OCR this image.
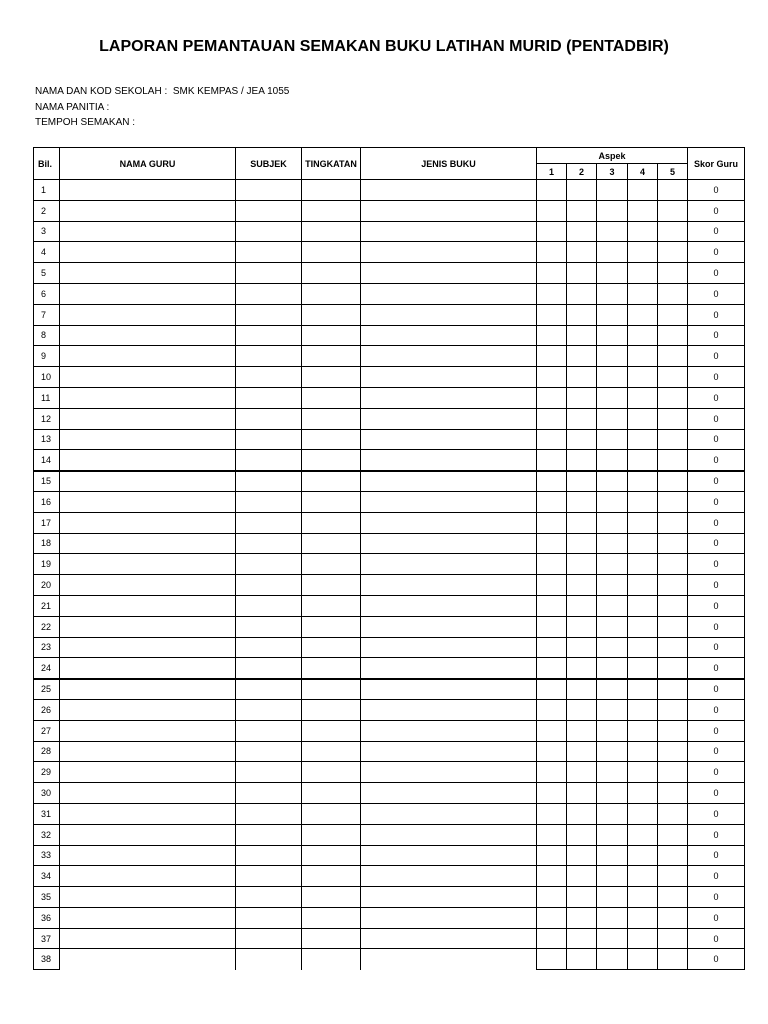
LAPORAN PEMANTAUAN SEMAKAN BUKU LATIHAN MURID (PENTADBIR)
NAMA DAN KOD SEKOLAH :  SMK KEMPAS / JEA 1055
NAMA PANITIA :
TEMPOH SEMAKAN :
Bil.	NAMA GURU	SUBJEK	TINGKATAN	JENIS BUKU	Aspek					Skor Guru
					1	2	3	4	5	
1										0
2										0
3										0
4										0
5										0
6										0
7										0
8										0
9										0
10										0
11										0
12										0
13										0
14										0
15										0
16										0
17										0
18										0
19										0
20										0
21										0
22										0
23										0
24										0
25										0
26										0
27										0
28										0
29										0
30										0
31										0
32										0
33										0
34										0
35										0
36										0
37										0
38										0
